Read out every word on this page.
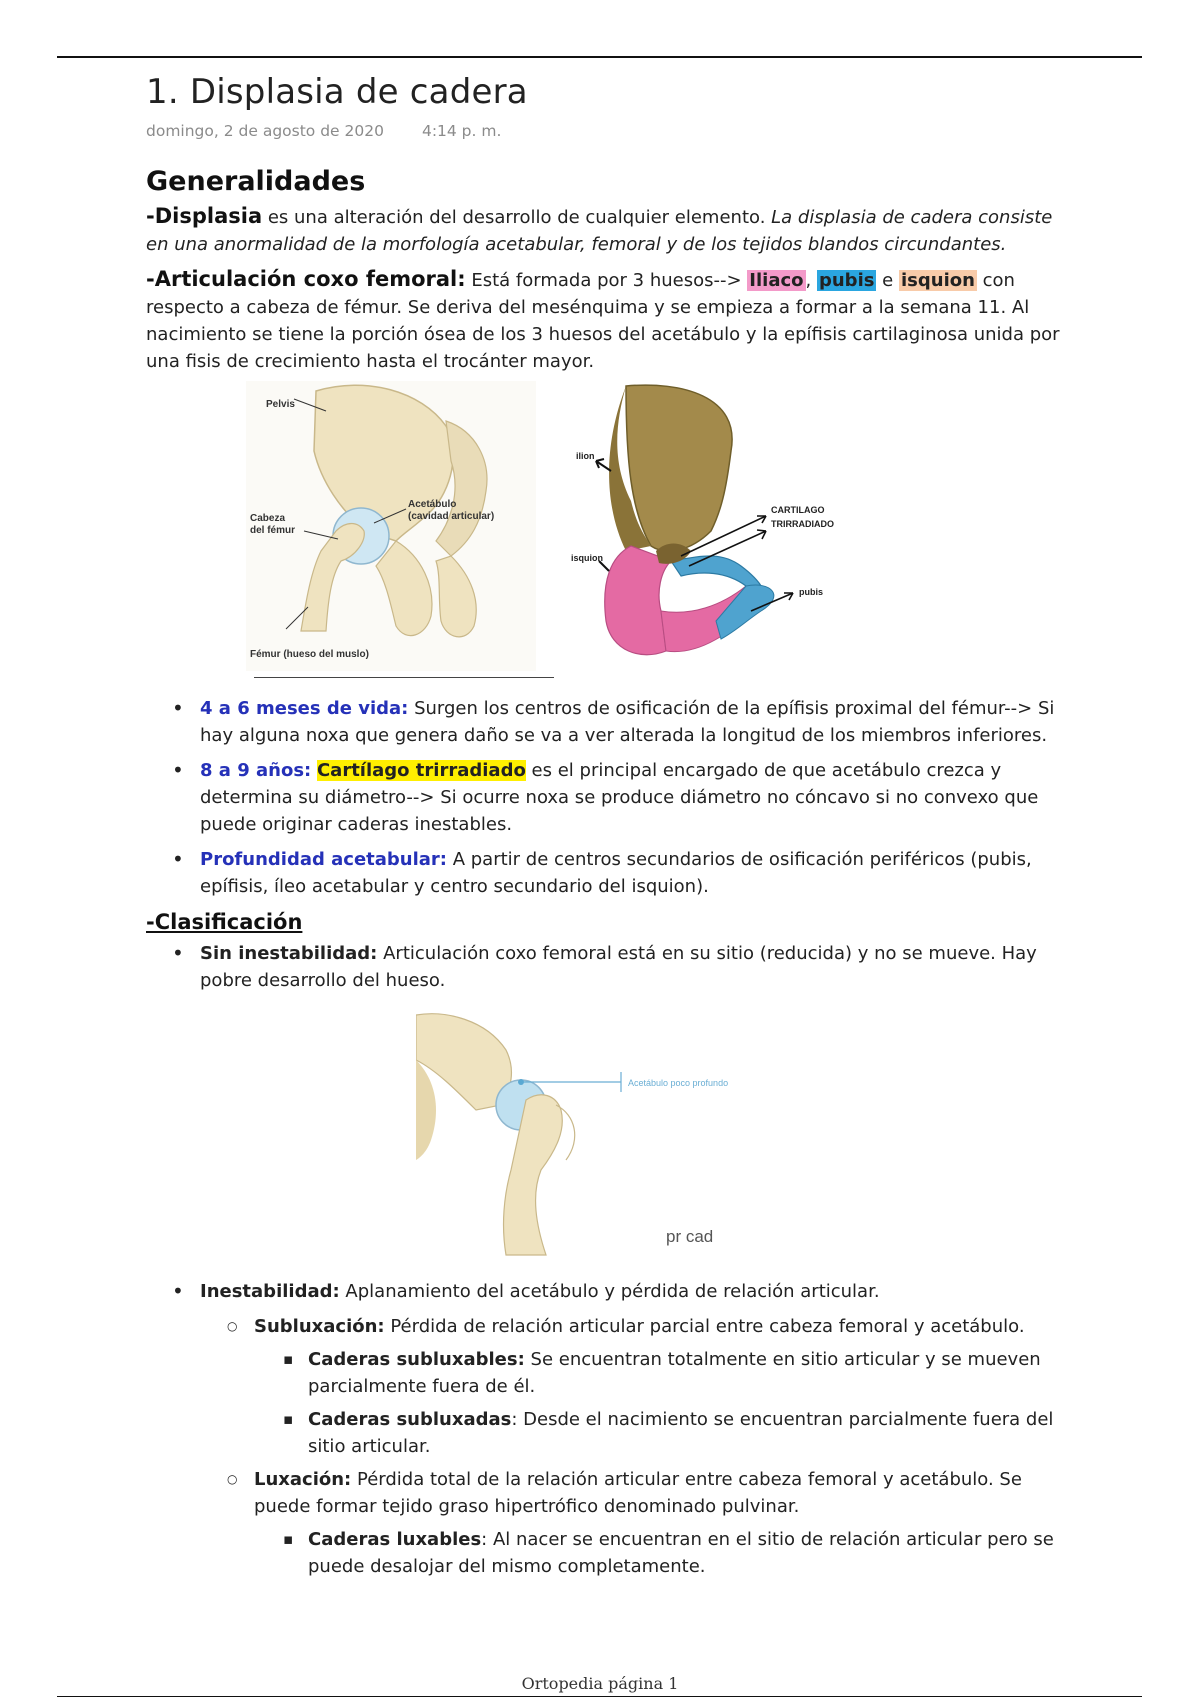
1. Displasia de cadera
domingo, 2 de agosto de 2020 4:14 p. m.
Generalidades

-Displasia es una alteración del desarrollo de cualquier elemento. La displasia de cadera consiste en una anormalidad de la morfología acetabular, femoral y de los tejidos blandos circundantes.

-Articulación coxo femoral: Está formada por 3 huesos--> Iliaco , pubis e isquion con respecto a cabeza de fémur. Se deriva del mesénquima y se empieza a formar a la semana 11. Al nacimiento se tiene la porción ósea de los 3 huesos del acetábulo y la epífisis cartilaginosa unida por una fisis de crecimiento hasta el trocánter mayor.

Pelvis
Acetábulo
(cavidad articular)
Cabeza
del fémur
Fémur (hueso del muslo)
ilion
isquion
CARTILAGO
TRIRRADIADO
pubis
• 4 a 6 meses de vida: Surgen los centros de osificación de la epífisis proximal del fémur--> Si hay alguna noxa que genera daño se va a ver alterada la longitud de los miembros inferiores.
• 8 a 9 años: Cartílago trirradiado es el principal encargado de que acetábulo crezca y determina su diámetro--> Si ocurre noxa se produce diámetro no cóncavo si no convexo que puede originar caderas inestables.
• Profundidad acetabular: A partir de centros secundarios de osificación periféricos (pubis, epífisis, íleo acetabular y centro secundario del isquion).
-Clasificación
• Sin inestabilidad: Articulación coxo femoral está en su sitio (reducida) y no se mueve. Hay pobre desarrollo del hueso.
Acetábulo poco profundo
pr cad
• Inestabilidad: Aplanamiento del acetábulo y pérdida de relación articular.
○ Subluxación: Pérdida de relación articular parcial entre cabeza femoral y acetábulo.
▪ Caderas subluxables: Se encuentran totalmente en sitio articular y se mueven parcialmente fuera de él.
▪ Caderas subluxadas: Desde el nacimiento se encuentran parcialmente fuera del sitio articular.
○ Luxación: Pérdida total de la relación articular entre cabeza femoral y acetábulo. Se puede formar tejido graso hipertrófico denominado pulvinar.
▪ Caderas luxables: Al nacer se encuentran en el sitio de relación articular pero se puede desalojar del mismo completamente.
Ortopedia página 1
